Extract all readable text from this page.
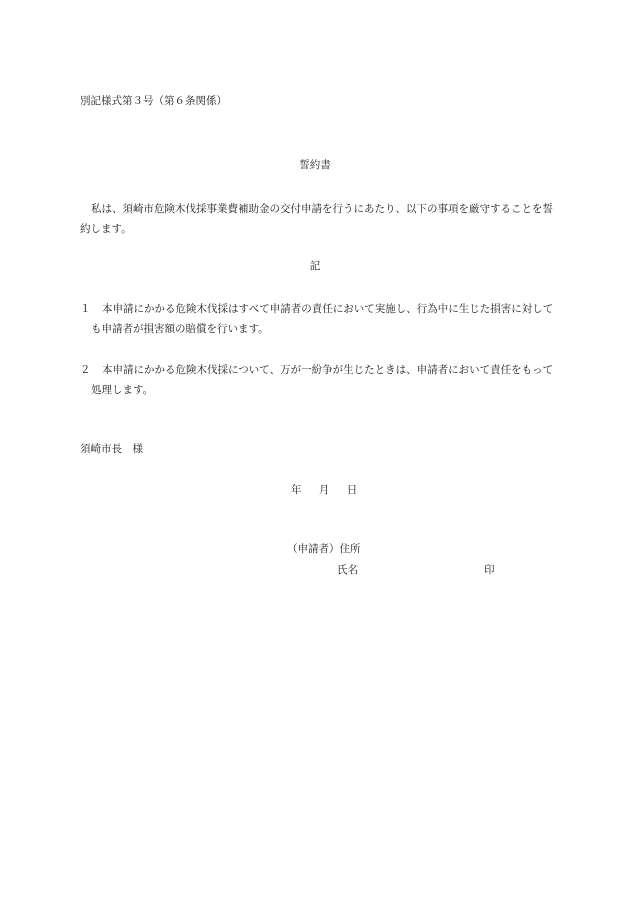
別記様式第３号（第６条関係）
誓約書
私は、須崎市危険木伐採事業費補助金の交付申請を行うにあたり、以下の事項を厳守することを誓約します。
記
１	本申請にかかる危険木伐採はすべて申請者の責任において実施し、行為中に生じた損害に対しても申請者が損害額の賠償を行います。
２	本申請にかかる危険木伐採について、万が一紛争が生じたときは、申請者において責任をもって処理します。
須崎市長　様
年 月 日
（申請者）住所
氏名	印
